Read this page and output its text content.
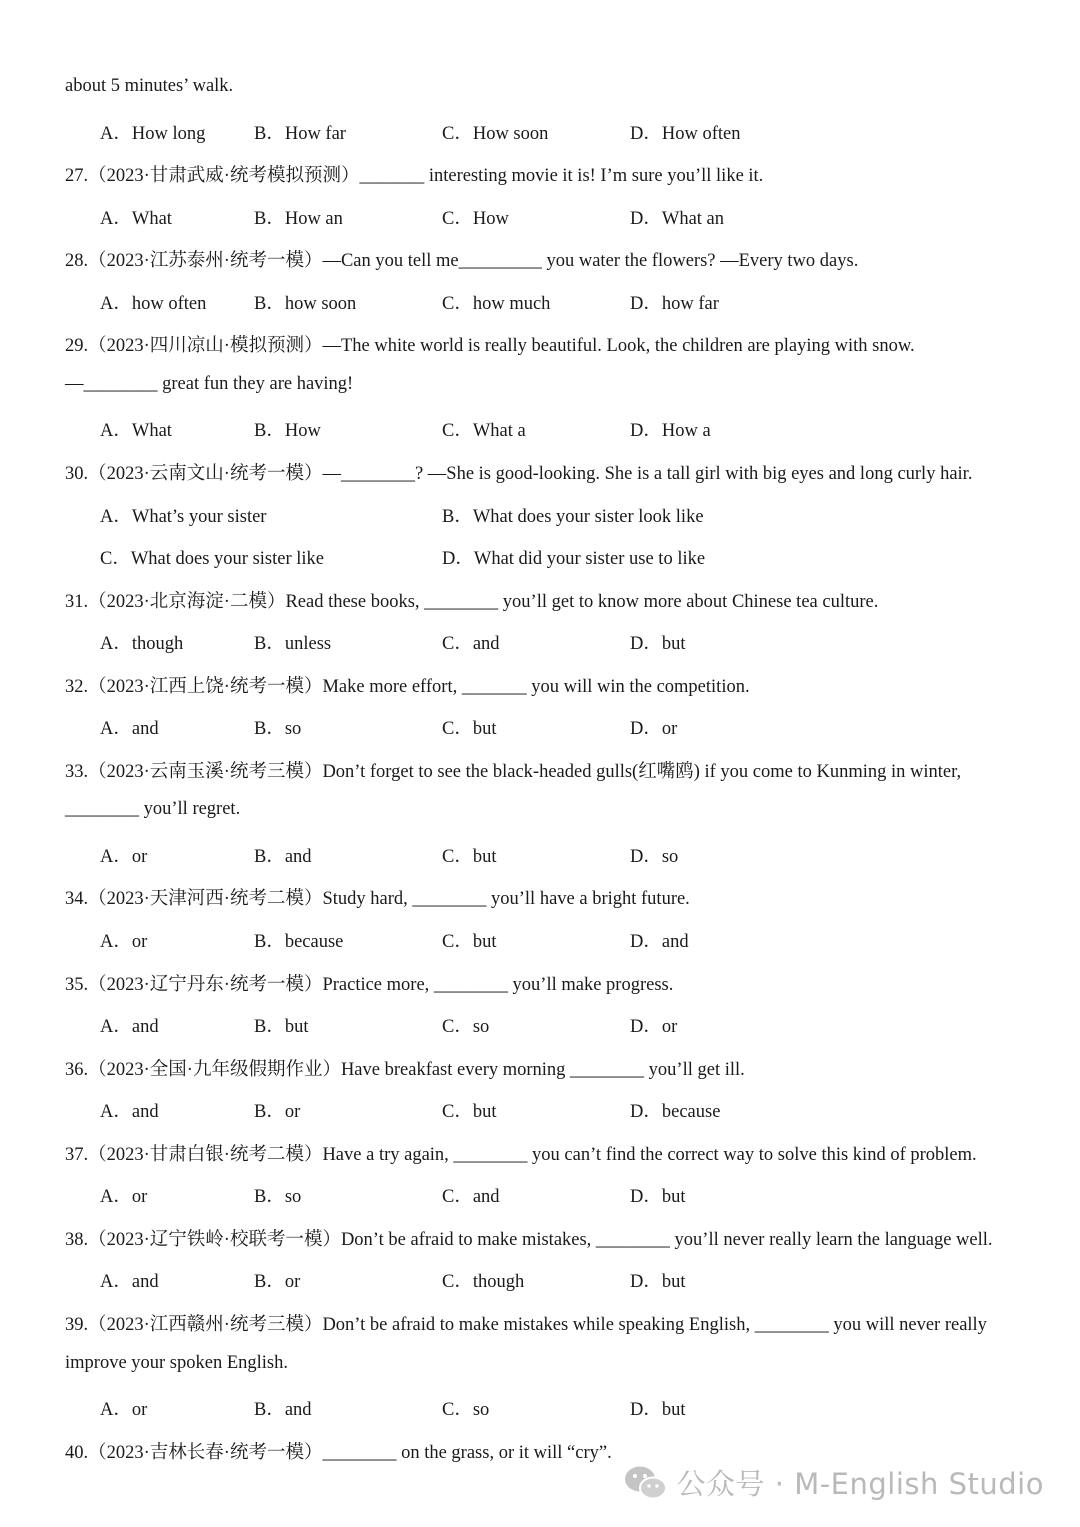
about 5 minutes’ walk.
A．How long	B．How far	C．How soon	D．How often
27.（2023·甘肃武威·统考模拟预测）_______ interesting movie it is! I’m sure you’ll like it.
A．What	B．How an	C．How	D．What an
28.（2023·江苏泰州·统考一模）—Can you tell me_________ you water the flowers? —Every two days.
A．how often	B．how soon	C．how much	D．how far
29.（2023·四川凉山·模拟预测）—The white world is really beautiful. Look, the children are playing with snow.
—________ great fun they are having!
A．What	B．How	C．What a	D．How a
30.（2023·云南文山·统考一模）—________? —She is good-looking. She is a tall girl with big eyes and long curly hair.
A．What’s your sister	B．What does your sister look like
C．What does your sister like	D．What did your sister use to like
31.（2023·北京海淀·二模）Read these books, ________ you’ll get to know more about Chinese tea culture.
A．though	B．unless	C．and	D．but
32.（2023·江西上饶·统考一模）Make more effort, _______ you will win the competition.
A．and	B．so	C．but	D．or
33.（2023·云南玉溪·统考三模）Don’t forget to see the black-headed gulls(红嘴鸥) if you come to Kunming in winter,
________ you’ll regret.
A．or	B．and	C．but	D．so
34.（2023·天津河西·统考二模）Study hard, ________ you’ll have a bright future.
A．or	B．because	C．but	D．and
35.（2023·辽宁丹东·统考一模）Practice more, ________ you’ll make progress.
A．and	B．but	C．so	D．or
36.（2023·全国·九年级假期作业）Have breakfast every morning ________ you’ll get ill.
A．and	B．or	C．but	D．because
37.（2023·甘肃白银·统考二模）Have a try again, ________ you can’t find the correct way to solve this kind of problem.
A．or	B．so	C．and	D．but
38.（2023·辽宁铁岭·校联考一模）Don’t be afraid to make mistakes, ________ you’ll never really learn the language well.
A．and	B．or	C．though	D．but
39.（2023·江西赣州·统考三模）Don’t be afraid to make mistakes while speaking English, ________ you will never really
improve your spoken English.
A．or	B．and	C．so	D．but
40.（2023·吉林长春·统考一模）________ on the grass, or it will “cry”.
公众号 · M-English Studio
